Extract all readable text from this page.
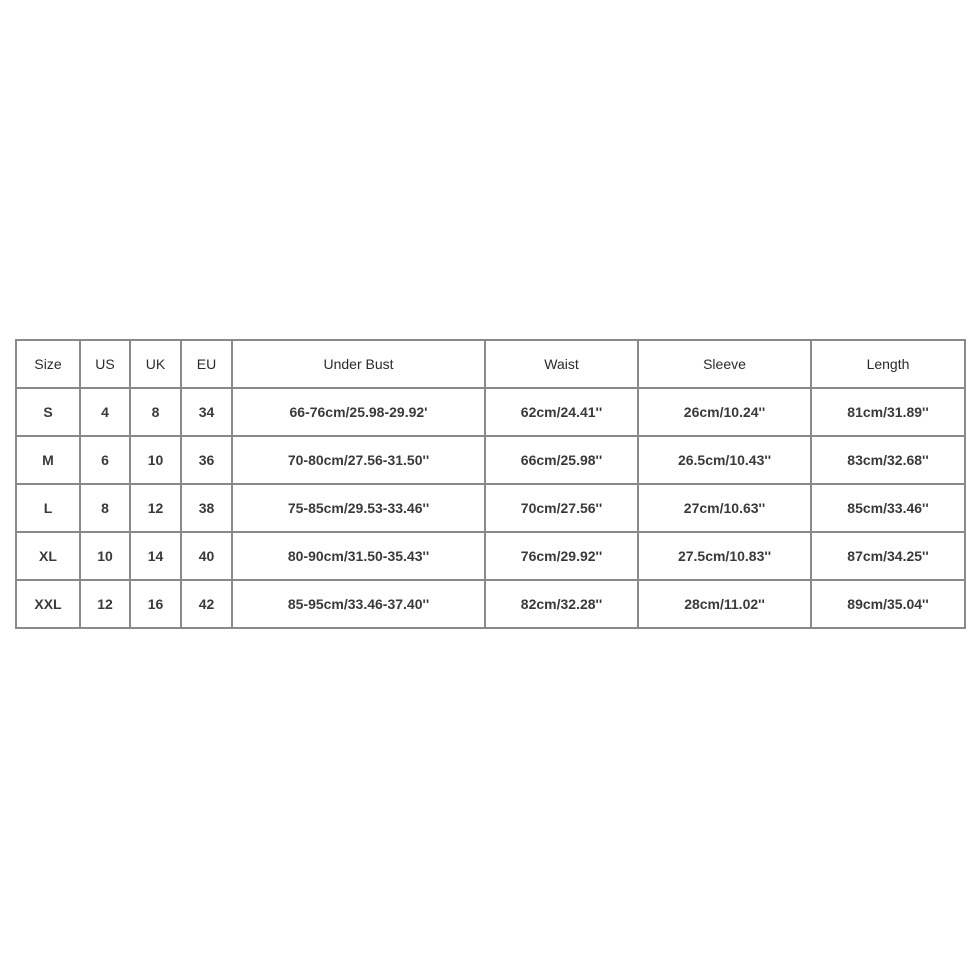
Size	US	UK	EU	Under Bust	Waist	Sleeve	Length
S	4	8	34	66-76cm/25.98-29.92'	62cm/24.41''	26cm/10.24''	81cm/31.89''
M	6	10	36	70-80cm/27.56-31.50''	66cm/25.98''	26.5cm/10.43''	83cm/32.68''
L	8	12	38	75-85cm/29.53-33.46''	70cm/27.56''	27cm/10.63''	85cm/33.46''
XL	10	14	40	80-90cm/31.50-35.43''	76cm/29.92''	27.5cm/10.83''	87cm/34.25''
XXL	12	16	42	85-95cm/33.46-37.40''	82cm/32.28''	28cm/11.02''	89cm/35.04''
